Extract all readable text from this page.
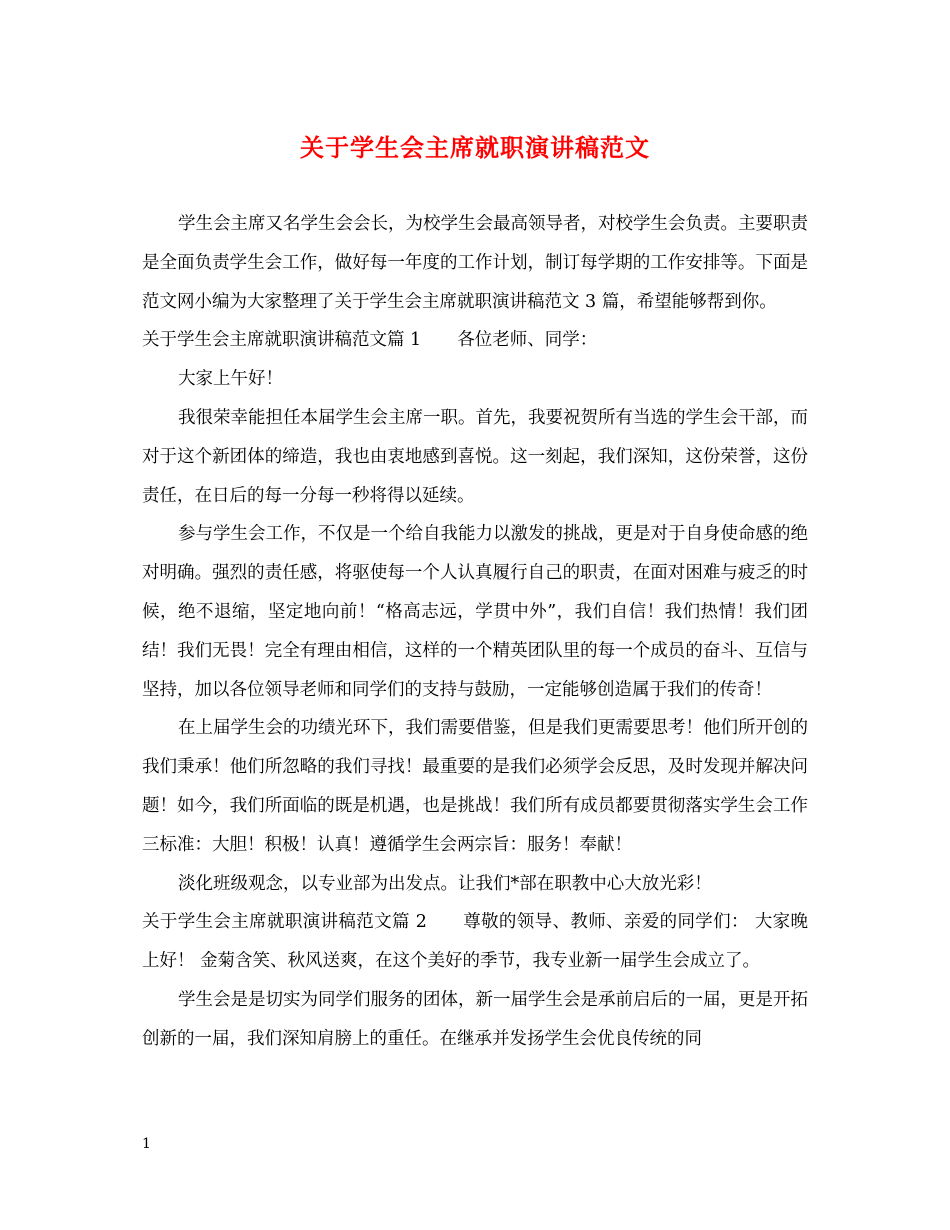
关于学生会主席就职演讲稿范文

学生会主席又名学生会会长，为校学生会最高领导者，对校学生会负责。主要职责是全面负责学生会工作，做好每一年度的工作计划，制订每学期的工作安排等。下面是范文网小编为大家整理了关于学生会主席就职演讲稿范文 3 篇，希望能够帮到你。

关于学生会主席就职演讲稿范文篇 1 各位老师、同学：

大家上午好！

我很荣幸能担任本届学生会主席一职。首先，我要祝贺所有当选的学生会干部，而对于这个新团体的缔造，我也由衷地感到喜悦。这一刻起，我们深知，这份荣誉，这份责任，在日后的每一分每一秒将得以延续。

参与学生会工作，不仅是一个给自我能力以激发的挑战，更是对于自身使命感的绝对明确。强烈的责任感，将驱使每一个人认真履行自己的职责，在面对困难与疲乏的时候，绝不退缩，坚定地向前！“格高志远，学贯中外”，我们自信！我们热情！我们团结！我们无畏！完全有理由相信，这样的一个精英团队里的每一个成员的奋斗、互信与坚持，加以各位领导老师和同学们的支持与鼓励，一定能够创造属于我们的传奇！

在上届学生会的功绩光环下，我们需要借鉴，但是我们更需要思考！他们所开创的我们秉承！他们所忽略的我们寻找！最重要的是我们必须学会反思，及时发现并解决问题！如今，我们所面临的既是机遇，也是挑战！我们所有成员都要贯彻落实学生会工作三标准：大胆！积极！认真！遵循学生会两宗旨：服务！奉献！

淡化班级观念，以专业部为出发点。让我们*部在职教中心大放光彩！

关于学生会主席就职演讲稿范文篇 2 尊敬的领导、教师、亲爱的同学们： 大家晚上好！ 金菊含笑、秋风送爽，在这个美好的季节，我专业新一届学生会成立了。

学生会是是切实为同学们服务的团体，新一届学生会是承前启后的一届，更是开拓创新的一届，我们深知肩膀上的重任。在继承并发扬学生会优良传统的同

1
